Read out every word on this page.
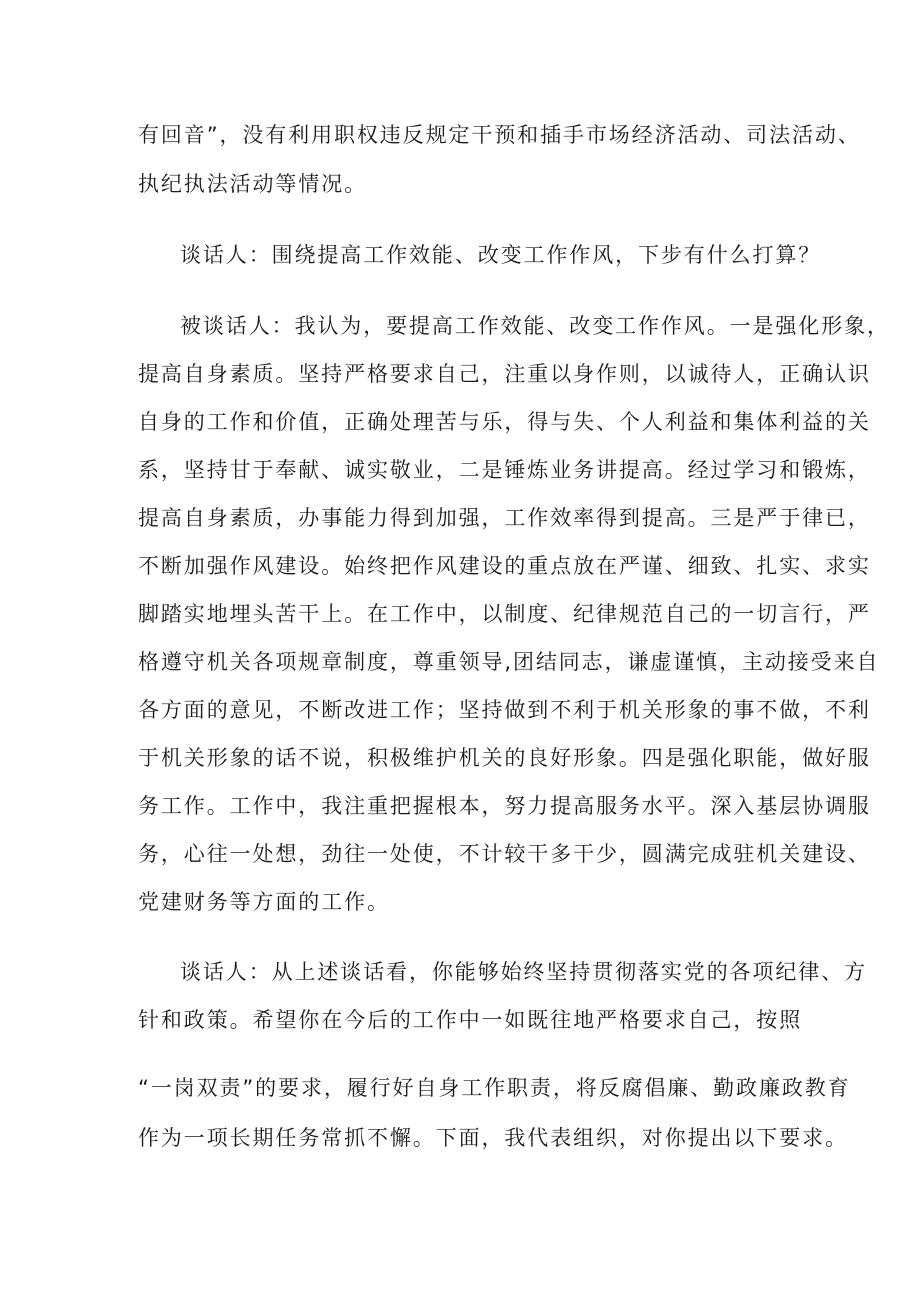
有回音”，没有利用职权违反规定干预和插手市场经济活动、司法活动、
执纪执法活动等情况。
谈话人：围绕提高工作效能、改变工作作风，下步有什么打算？
被谈话人：我认为，要提高工作效能、改变工作作风。一是强化形象，
提高自身素质。坚持严格要求自己，注重以身作则，以诚待人，正确认识
自身的工作和价值，正确处理苦与乐，得与失、个人利益和集体利益的关
系，坚持甘于奉献、诚实敬业，二是锤炼业务讲提高。经过学习和锻炼，
提高自身素质，办事能力得到加强，工作效率得到提高。三是严于律已，
不断加强作风建设。始终把作风建设的重点放在严谨、细致、扎实、求实
脚踏实地埋头苦干上。在工作中，以制度、纪律规范自己的一切言行，严
格遵守机关各项规章制度，尊重领导,团结同志，谦虚谨慎，主动接受来自
各方面的意见，不断改进工作；坚持做到不利于机关形象的事不做，不利
于机关形象的话不说，积极维护机关的良好形象。四是强化职能，做好服
务工作。工作中，我注重把握根本，努力提高服务水平。深入基层协调服
务，心往一处想，劲往一处使，不计较干多干少，圆满完成驻机关建设、
党建财务等方面的工作。
谈话人：从上述谈话看，你能够始终坚持贯彻落实党的各项纪律、方
针和政策。希望你在今后的工作中一如既往地严格要求自己，按照
“一岗双责”的要求，履行好自身工作职责，将反腐倡廉、勤政廉政教育
作为一项长期任务常抓不懈。下面，我代表组织，对你提出以下要求。
